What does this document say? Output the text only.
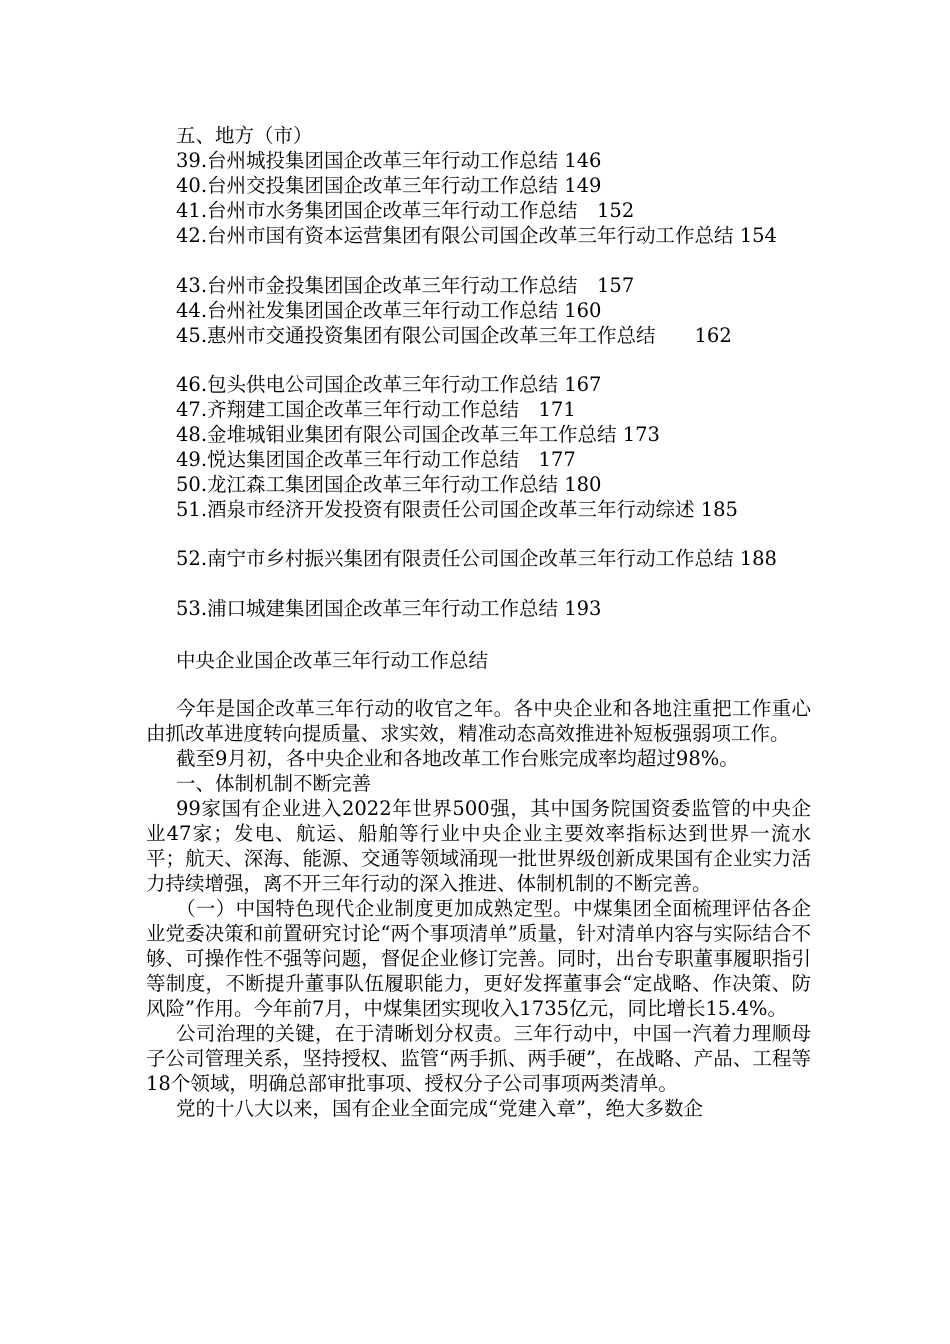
五、地方（市）
39.台州城投集团国企改革三年行动工作总结 146
40.台州交投集团国企改革三年行动工作总结 149
41.台州市水务集团国企改革三年行动工作总结　152
42.台州市国有资本运营集团有限公司国企改革三年行动工作总结 154
43.台州市金投集团国企改革三年行动工作总结　157
44.台州社发集团国企改革三年行动工作总结 160
45.惠州市交通投资集团有限公司国企改革三年工作总结　　162
46.包头供电公司国企改革三年行动工作总结 167
47.齐翔建工国企改革三年行动工作总结　171
48.金堆城钼业集团有限公司国企改革三年工作总结 173
49.悦达集团国企改革三年行动工作总结　177
50.龙江森工集团国企改革三年行动工作总结 180
51.酒泉市经济开发投资有限责任公司国企改革三年行动综述 185
52.南宁市乡村振兴集团有限责任公司国企改革三年行动工作总结 188
53.浦口城建集团国企改革三年行动工作总结 193
中央企业国企改革三年行动工作总结

今年是国企改革三年行动的收官之年。各中央企业和各地注重把工作重心由抓改革进度转向提质量、求实效，精准动态高效推进补短板强弱项工作。

截至9月初，各中央企业和各地改革工作台账完成率均超过98%。

一、体制机制不断完善

99家国有企业进入2022年世界500强，其中国务院国资委监管的中央企业47家；发电、航运、船舶等行业中央企业主要效率指标达到世界一流水平；航天、深海、能源、交通等领域涌现一批世界级创新成果国有企业实力活力持续增强，离不开三年行动的深入推进、体制机制的不断完善。

（一）中国特色现代企业制度更加成熟定型。中煤集团全面梳理评估各企业党委决策和前置研究讨论“两个事项清单”质量，针对清单内容与实际结合不够、可操作性不强等问题，督促企业修订完善。同时，出台专职董事履职指引等制度，不断提升董事队伍履职能力，更好发挥董事会“定战略、作决策、防风险”作用。今年前7月，中煤集团实现收入1735亿元，同比增长15.4%。

公司治理的关键，在于清晰划分权责。三年行动中，中国一汽着力理顺母子公司管理关系，坚持授权、监管“两手抓、两手硬”，在战略、产品、工程等18个领域，明确总部审批事项、授权分子公司事项两类清单。

党的十八大以来，国有企业全面完成“党建入章”，绝大多数企
